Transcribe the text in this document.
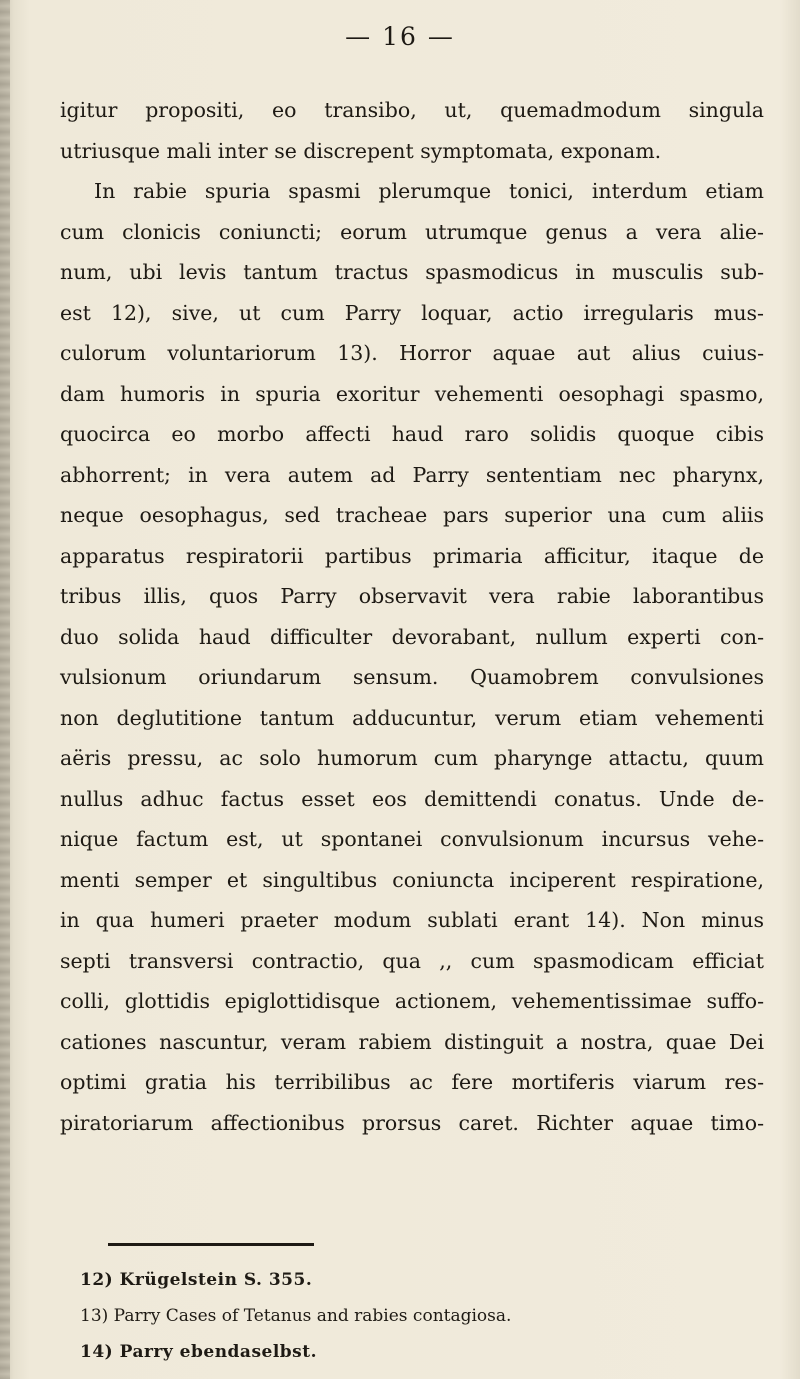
— 16 —
igitur propositi, eo transibo, ut, quemadmodum singula
utriusque mali inter se discrepent symptomata, exponam.
In rabie spuria spasmi plerumque tonici, interdum etiam
cum clonicis coniuncti; eorum utrumque genus a vera alie-
num, ubi levis tantum tractus spasmodicus in musculis sub-
est 12), sive, ut cum Parry loquar, actio irregularis mus-
culorum voluntariorum 13). Horror aquae aut alius cuius-
dam humoris in spuria exoritur vehementi oesophagi spasmo,
quocirca eo morbo affecti haud raro solidis quoque cibis
abhorrent; in vera autem ad Parry sententiam nec pharynx,
neque oesophagus, sed tracheae pars superior una cum aliis
apparatus respiratorii partibus primaria afficitur, itaque de
tribus illis, quos Parry observavit vera rabie laborantibus
duo solida haud difficulter devorabant, nullum experti con-
vulsionum oriundarum sensum. Quamobrem convulsiones
non deglutitione tantum adducuntur, verum etiam vehementi
aëris pressu, ac solo humorum cum pharynge attactu, quum
nullus adhuc factus esset eos demittendi conatus. Unde de-
nique factum est, ut spontanei convulsionum incursus vehe-
menti semper et singultibus coniuncta inciperent respiratione,
in qua humeri praeter modum sublati erant 14). Non minus
septi transversi contractio, qua ,, cum spasmodicam efficiat
colli, glottidis epiglottidisque actionem, vehementissimae suffo-
cationes nascuntur, veram rabiem distinguit a nostra, quae Dei
optimi gratia his terribilibus ac fere mortiferis viarum res-
piratoriarum affectionibus prorsus caret. Richter aquae timo-
12) Krügelstein S. 355.
13) Parry Cases of Tetanus and rabies contagiosa.
14) Parry ebendaselbst.
